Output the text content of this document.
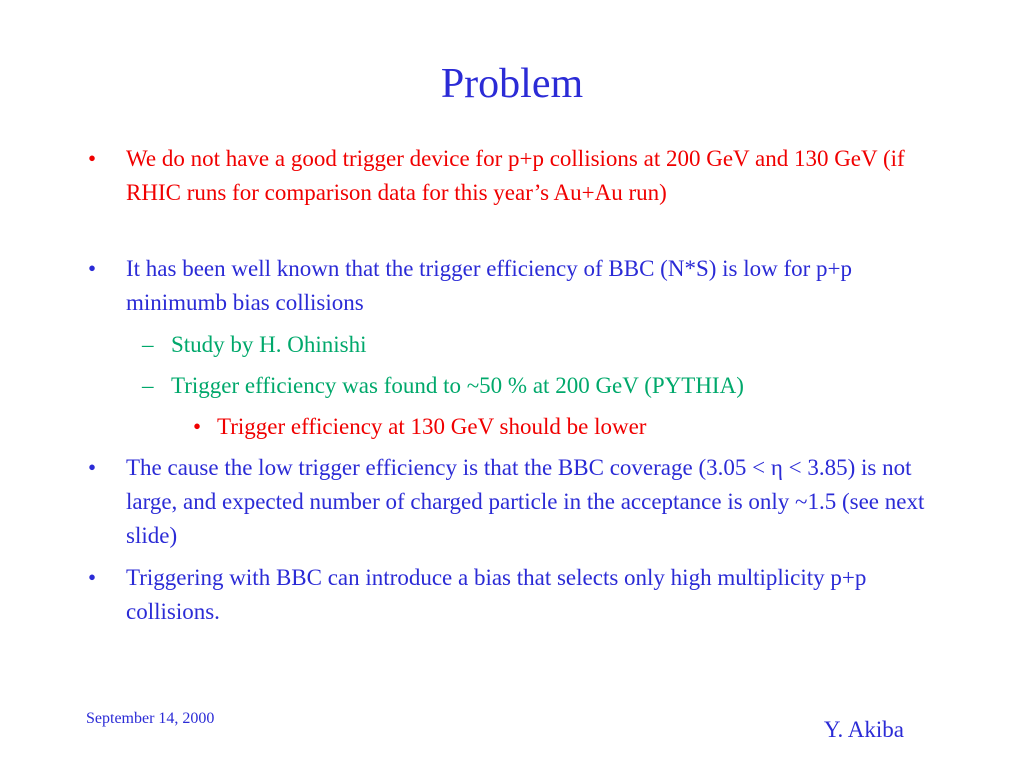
Problem
• We do not have a good trigger device for p+p collisions at 200 GeV and 130 GeV (if RHIC runs for comparison data for this year’s Au+Au run)
• It has been well known that the trigger efficiency of BBC (N*S) is low for p+p minimumb bias collisions
– Study by H. Ohinishi
– Trigger efficiency was found to ~50 % at 200 GeV (PYTHIA)
• Trigger efficiency at 130 GeV should be lower
• The cause the low trigger efficiency is that the BBC coverage (3.05 < η < 3.85) is not large, and expected number of charged particle in the acceptance is only ~1.5 (see next slide)
• Triggering with BBC can introduce a bias that selects only high multiplicity p+p collisions.
September 14, 2000	Y. Akiba
